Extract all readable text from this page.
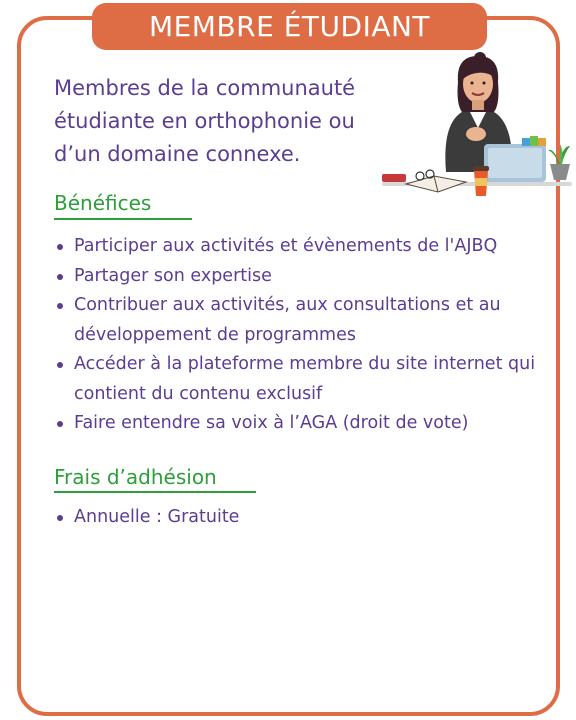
MEMBRE ÉTUDIANT

Membres de la communauté étudiante en orthophonie ou d’un domaine connexe.

Bénéfices
Participer aux activités et évènements de l'AJBQ
Partager son expertise
Contribuer aux activités, aux consultations et au développement de programmes
Accéder à la plateforme membre du site internet qui contient du contenu exclusif
Faire entendre sa voix à l’AGA (droit de vote)
Frais d’adhésion
Annuelle : Gratuite
